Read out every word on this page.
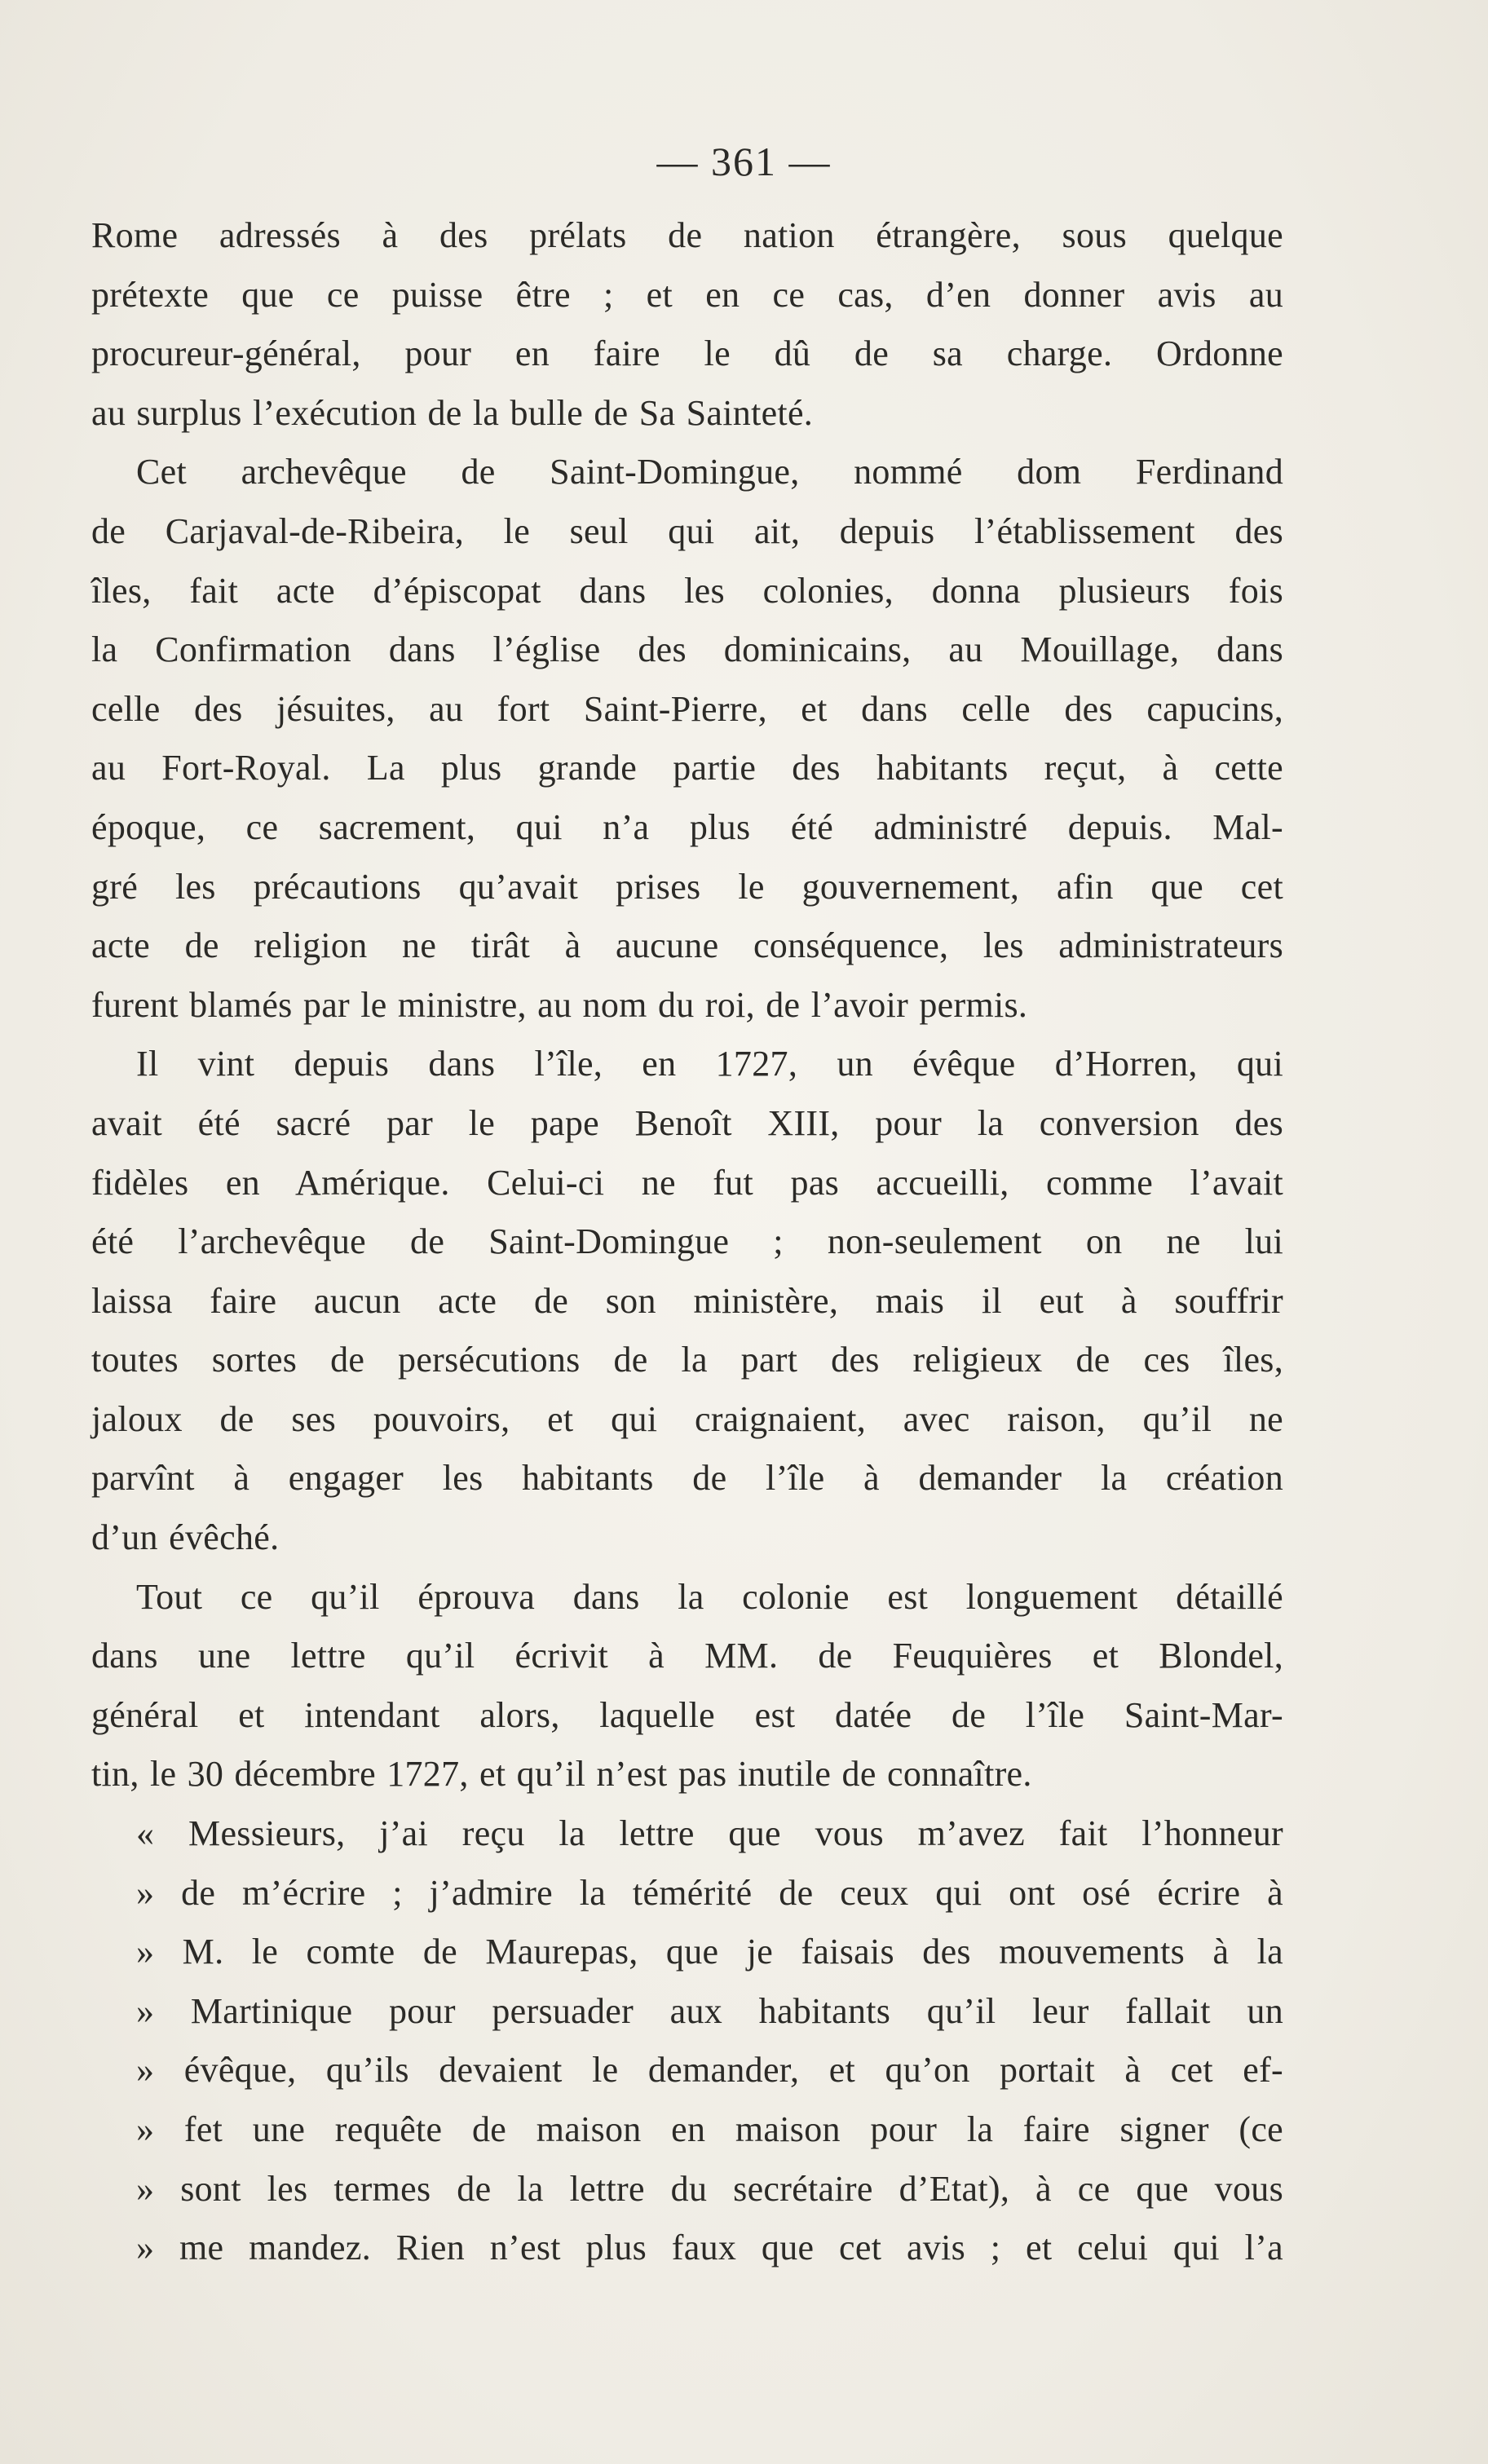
— 361 —
Rome adressés à des prélats de nation étrangère, sous quelque
prétexte que ce puisse être ; et en ce cas, d’en donner avis au
procureur-général, pour en faire le dû de sa charge. Ordonne
au surplus l’exécution de la bulle de Sa Sainteté.
Cet archevêque de Saint-Domingue, nommé dom Ferdinand
de Carjaval-de-Ribeira, le seul qui ait, depuis l’établissement des
îles, fait acte d’épiscopat dans les colonies, donna plusieurs fois
la Confirmation dans l’église des dominicains, au Mouillage, dans
celle des jésuites, au fort Saint-Pierre, et dans celle des capucins,
au Fort-Royal. La plus grande partie des habitants reçut, à cette
époque, ce sacrement, qui n’a plus été administré depuis. Mal-
gré les précautions qu’avait prises le gouvernement, afin que cet
acte de religion ne tirât à aucune conséquence, les administrateurs
furent blamés par le ministre, au nom du roi, de l’avoir permis.
Il vint depuis dans l’île, en 1727, un évêque d’Horren, qui
avait été sacré par le pape Benoît XIII, pour la conversion des
fidèles en Amérique. Celui-ci ne fut pas accueilli, comme l’avait
été l’archevêque de Saint-Domingue ; non-seulement on ne lui
laissa faire aucun acte de son ministère, mais il eut à souffrir
toutes sortes de persécutions de la part des religieux de ces îles,
jaloux de ses pouvoirs, et qui craignaient, avec raison, qu’il ne
parvînt à engager les habitants de l’île à demander la création
d’un évêché.
Tout ce qu’il éprouva dans la colonie est longuement détaillé
dans une lettre qu’il écrivit à MM. de Feuquières et Blondel,
général et intendant alors, laquelle est datée de l’île Saint-Mar-
tin, le 30 décembre 1727, et qu’il n’est pas inutile de connaître.
« Messieurs, j’ai reçu la lettre que vous m’avez fait l’honneur
» de m’écrire ; j’admire la témérité de ceux qui ont osé écrire à
» M. le comte de Maurepas, que je faisais des mouvements à la
» Martinique pour persuader aux habitants qu’il leur fallait un
» évêque, qu’ils devaient le demander, et qu’on portait à cet ef-
» fet une requête de maison en maison pour la faire signer (ce
» sont les termes de la lettre du secrétaire d’Etat), à ce que vous
» me mandez. Rien n’est plus faux que cet avis ; et celui qui l’a
